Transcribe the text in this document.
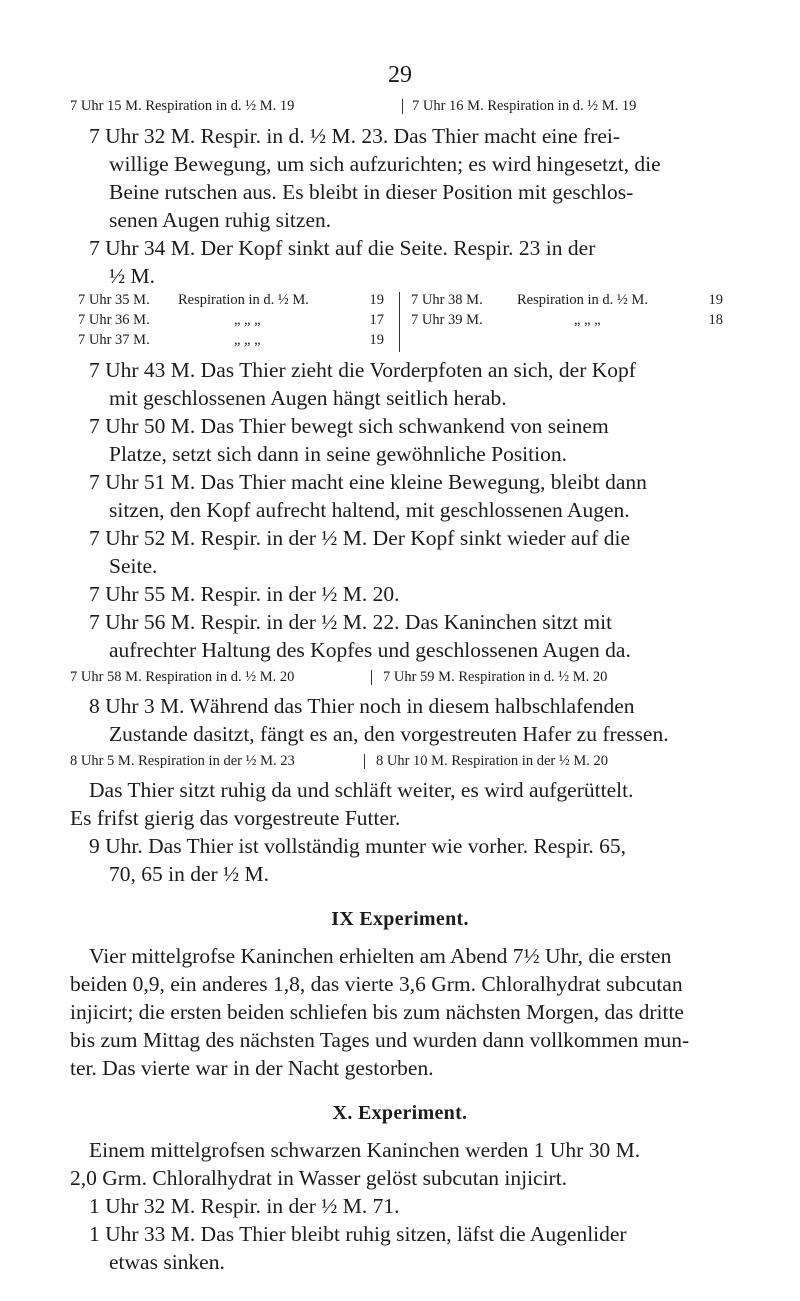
29
7 Uhr 15 M. Respiration in d. ½ M. 19	7 Uhr 16 M. Respiration in d. ½ M. 19
7 Uhr 32 M. Respir. in d. ½ M. 23. Das Thier macht eine frei-
willige Bewegung, um sich aufzurichten; es wird hingesetzt, die
Beine rutschen aus. Es bleibt in dieser Position mit geschlos-
senen Augen ruhig sitzen.
7 Uhr 34 M. Der Kopf sinkt auf die Seite. Respir. 23 in der
½ M.
7 Uhr 35 M. Respiration in d. ½ M.	19
7 Uhr 36 M.	„ „ „	17
7 Uhr 37 M.	„ „ „	19
7 Uhr 38 M. Respiration in d. ½ M.	19
7 Uhr 39 M.	„ „ „	18
7 Uhr 43 M. Das Thier zieht die Vorderpfoten an sich, der Kopf
mit geschlossenen Augen hängt seitlich herab.
7 Uhr 50 M. Das Thier bewegt sich schwankend von seinem
Platze, setzt sich dann in seine gewöhnliche Position.
7 Uhr 51 M. Das Thier macht eine kleine Bewegung, bleibt dann
sitzen, den Kopf aufrecht haltend, mit geschlossenen Augen.
7 Uhr 52 M. Respir. in der ½ M. Der Kopf sinkt wieder auf die
Seite.
7 Uhr 55 M. Respir. in der ½ M. 20.
7 Uhr 56 M. Respir. in der ½ M. 22. Das Kaninchen sitzt mit
aufrechter Haltung des Kopfes und geschlossenen Augen da.
7 Uhr 58 M. Respiration in d. ½ M. 20	7 Uhr 59 M. Respiration in d. ½ M. 20
8 Uhr 3 M. Während das Thier noch in diesem halbschlafenden
Zustande dasitzt, fängt es an, den vorgestreuten Hafer zu fressen.
8 Uhr 5 M. Respiration in der ½ M. 23	8 Uhr 10 M. Respiration in der ½ M. 20
Das Thier sitzt ruhig da und schläft weiter, es wird aufgerüttelt.
Es frifst gierig das vorgestreute Futter.
9 Uhr. Das Thier ist vollständig munter wie vorher. Respir. 65,
70, 65 in der ½ M.
IX Experiment.
Vier mittelgrofse Kaninchen erhielten am Abend 7½ Uhr, die ersten
beiden 0,9, ein anderes 1,8, das vierte 3,6 Grm. Chloralhydrat subcutan
injicirt; die ersten beiden schliefen bis zum nächsten Morgen, das dritte
bis zum Mittag des nächsten Tages und wurden dann vollkommen mun-
ter. Das vierte war in der Nacht gestorben.
X. Experiment.
Einem mittelgrofsen schwarzen Kaninchen werden 1 Uhr 30 M.
2,0 Grm. Chloralhydrat in Wasser gelöst subcutan injicirt.
1 Uhr 32 M. Respir. in der ½ M. 71.
1 Uhr 33 M. Das Thier bleibt ruhig sitzen, läfst die Augenlider
etwas sinken.
